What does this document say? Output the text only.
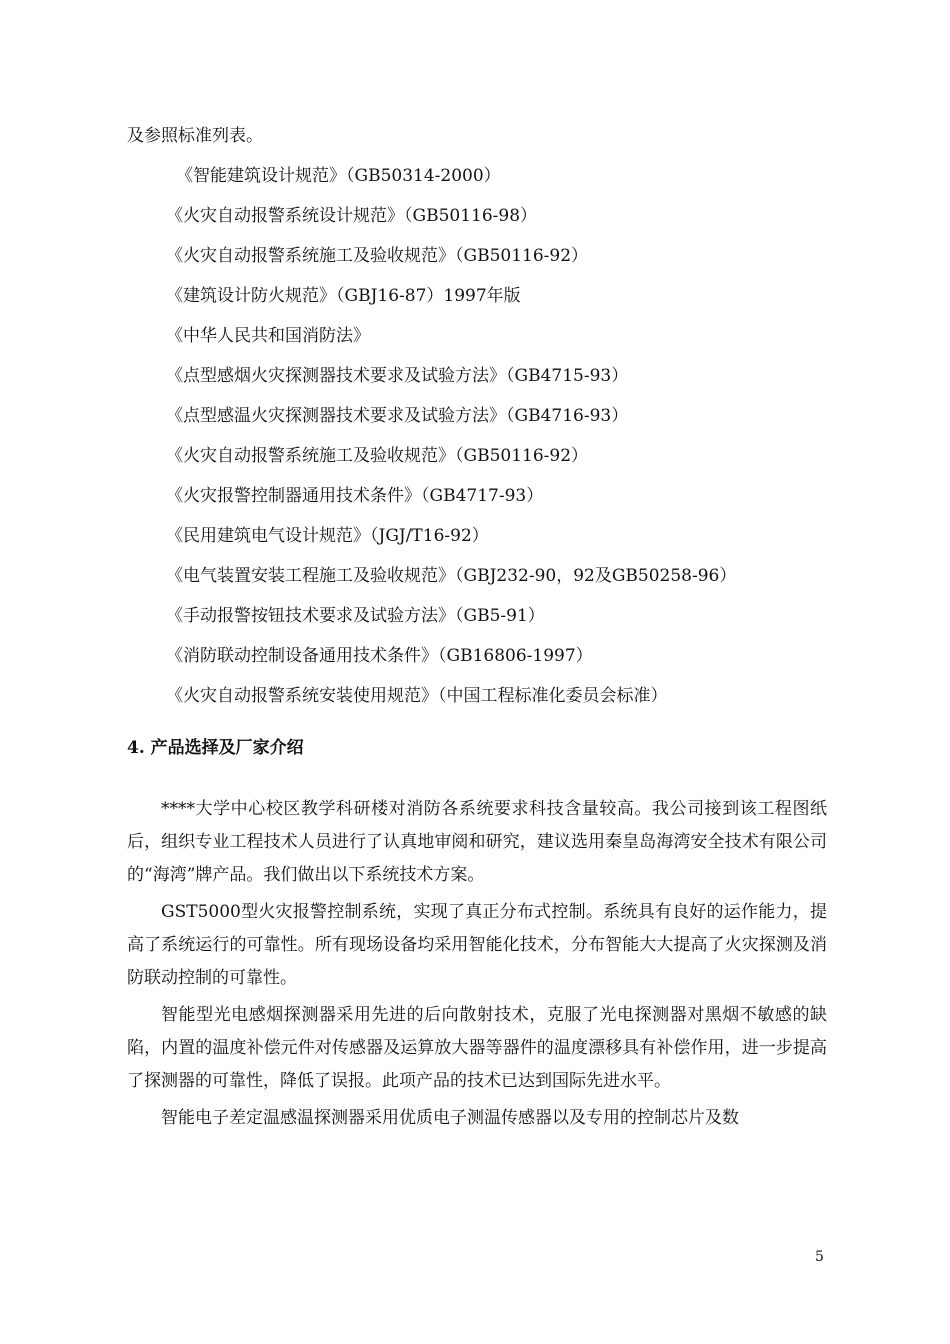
及参照标准列表。
《智能建筑设计规范》（GB50314-2000）
《火灾自动报警系统设计规范》（GB50116-98）
《火灾自动报警系统施工及验收规范》（GB50116-92）
《建筑设计防火规范》（GBJ16-87）1997年版
《中华人民共和国消防法》
《点型感烟火灾探测器技术要求及试验方法》（GB4715-93）
《点型感温火灾探测器技术要求及试验方法》（GB4716-93）
《火灾自动报警系统施工及验收规范》（GB50116-92）
《火灾报警控制器通用技术条件》（GB4717-93）
《民用建筑电气设计规范》（JGJ/T16-92）
《电气装置安装工程施工及验收规范》（GBJ232-90，92及GB50258-96）
《手动报警按钮技术要求及试验方法》（GB5-91）
《消防联动控制设备通用技术条件》（GB16806-1997）
《火灾自动报警系统安装使用规范》（中国工程标准化委员会标准）
4. 产品选择及厂家介绍

****大学中心校区教学科研楼对消防各系统要求科技含量较高。我公司接到该工程图纸后，组织专业工程技术人员进行了认真地审阅和研究，建议选用秦皇岛海湾安全技术有限公司的“海湾”牌产品。我们做出以下系统技术方案。

GST5000型火灾报警控制系统，实现了真正分布式控制。系统具有良好的运作能力，提高了系统运行的可靠性。所有现场设备均采用智能化技术，分布智能大大提高了火灾探测及消防联动控制的可靠性。

智能型光电感烟探测器采用先进的后向散射技术，克服了光电探测器对黑烟不敏感的缺陷，内置的温度补偿元件对传感器及运算放大器等器件的温度漂移具有补偿作用，进一步提高了探测器的可靠性，降低了误报。此项产品的技术已达到国际先进水平。

智能电子差定温感温探测器采用优质电子测温传感器以及专用的控制芯片及数

5
